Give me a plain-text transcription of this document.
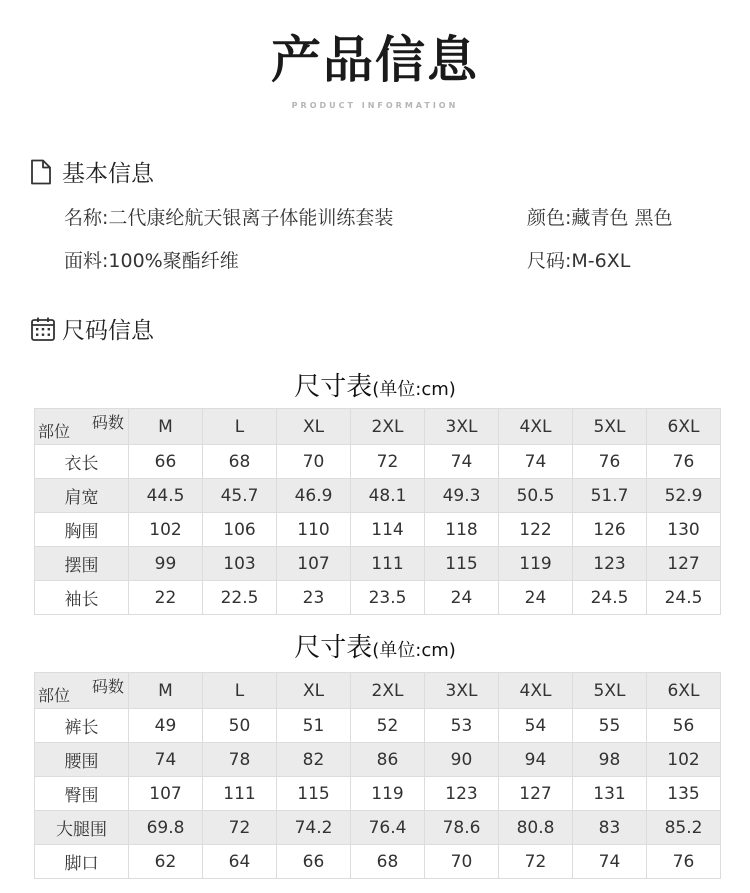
产品信息
PRODUCT INFORMATION
基本信息
名称:二代康纶航天银离子体能训练套装	颜色:藏青色 黑色
面料:100%聚酯纤维	尺码:M-6XL
尺码信息
尺寸表(单位:cm)
码数
部位	M	L	XL	2XL	3XL	4XL	5XL	6XL
衣长	66	68	70	72	74	74	76	76
肩宽	44.5	45.7	46.9	48.1	49.3	50.5	51.7	52.9
胸围	102	106	110	114	118	122	126	130
摆围	99	103	107	111	115	119	123	127
袖长	22	22.5	23	23.5	24	24	24.5	24.5
尺寸表(单位:cm)
码数
部位	M	L	XL	2XL	3XL	4XL	5XL	6XL
裤长	49	50	51	52	53	54	55	56
腰围	74	78	82	86	90	94	98	102
臀围	107	111	115	119	123	127	131	135
大腿围	69.8	72	74.2	76.4	78.6	80.8	83	85.2
脚口	62	64	66	68	70	72	74	76
